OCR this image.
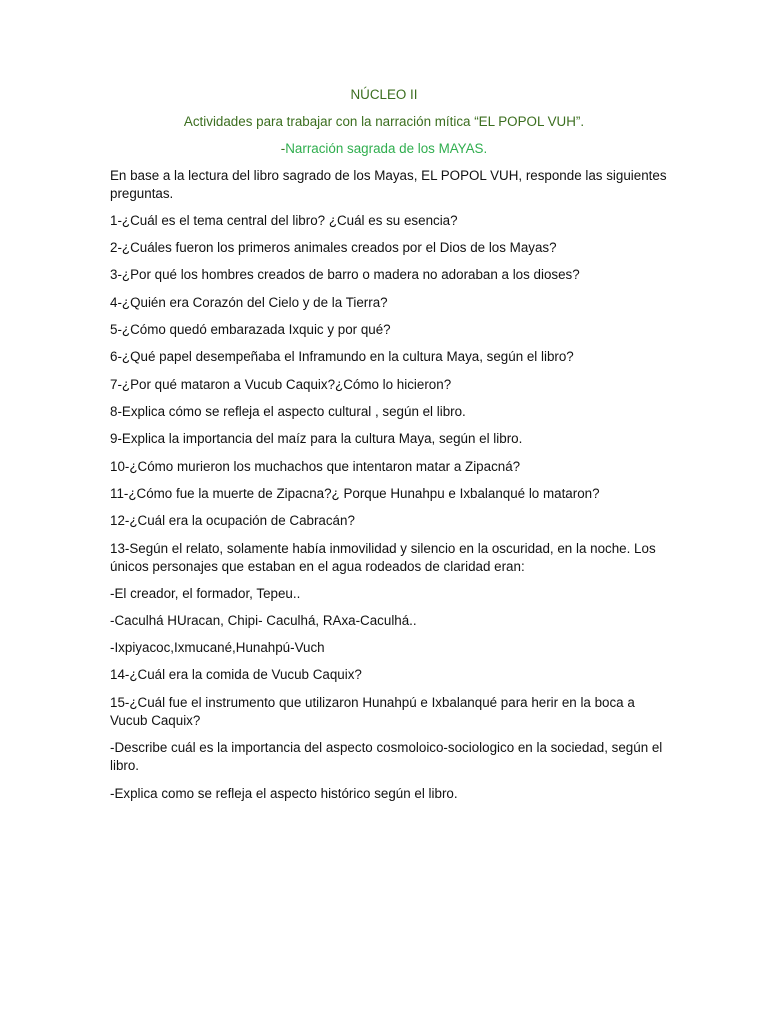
NÚCLEO II
Actividades para trabajar con la narración mítica “EL POPOL VUH”.
-Narración sagrada de los MAYAS.
En base a la lectura del libro sagrado de los Mayas, EL POPOL VUH, responde las siguientes preguntas.
1-¿Cuál es el tema central del libro? ¿Cuál es su esencia?
2-¿Cuáles fueron los primeros animales creados por el Dios de los Mayas?
3-¿Por qué los hombres creados de barro o madera no adoraban a los dioses?
4-¿Quién era Corazón del Cielo y de la Tierra?
5-¿Cómo quedó embarazada Ixquic y por qué?
6-¿Qué papel desempeñaba el Inframundo en la cultura Maya, según el libro?
7-¿Por qué mataron a Vucub Caquix?¿Cómo lo hicieron?
8-Explica cómo se refleja el aspecto cultural , según el libro.
9-Explica la importancia del maíz para la cultura Maya, según el libro.
10-¿Cómo murieron los muchachos que intentaron matar a Zipacná?
11-¿Cómo fue la muerte de Zipacna?¿ Porque Hunahpu e Ixbalanqué lo mataron?
12-¿Cuál era la ocupación de Cabracán?
13-Según el relato, solamente había inmovilidad y silencio en la oscuridad, en la noche. Los únicos personajes que estaban en el agua rodeados de claridad eran:
-El creador, el formador, Tepeu..
-Caculhá HUracan, Chipi- Caculhá, RAxa-Caculhá..
-Ixpiyacoc,Ixmucané,Hunahpú-Vuch
14-¿Cuál era la comida de Vucub Caquix?
15-¿Cuál fue el instrumento que utilizaron Hunahpú e Ixbalanqué para herir en la boca a Vucub Caquix?
-Describe cuál es la importancia del aspecto cosmoloico-sociologico en la sociedad, según el libro.
-Explica como se refleja el aspecto histórico según el libro.
